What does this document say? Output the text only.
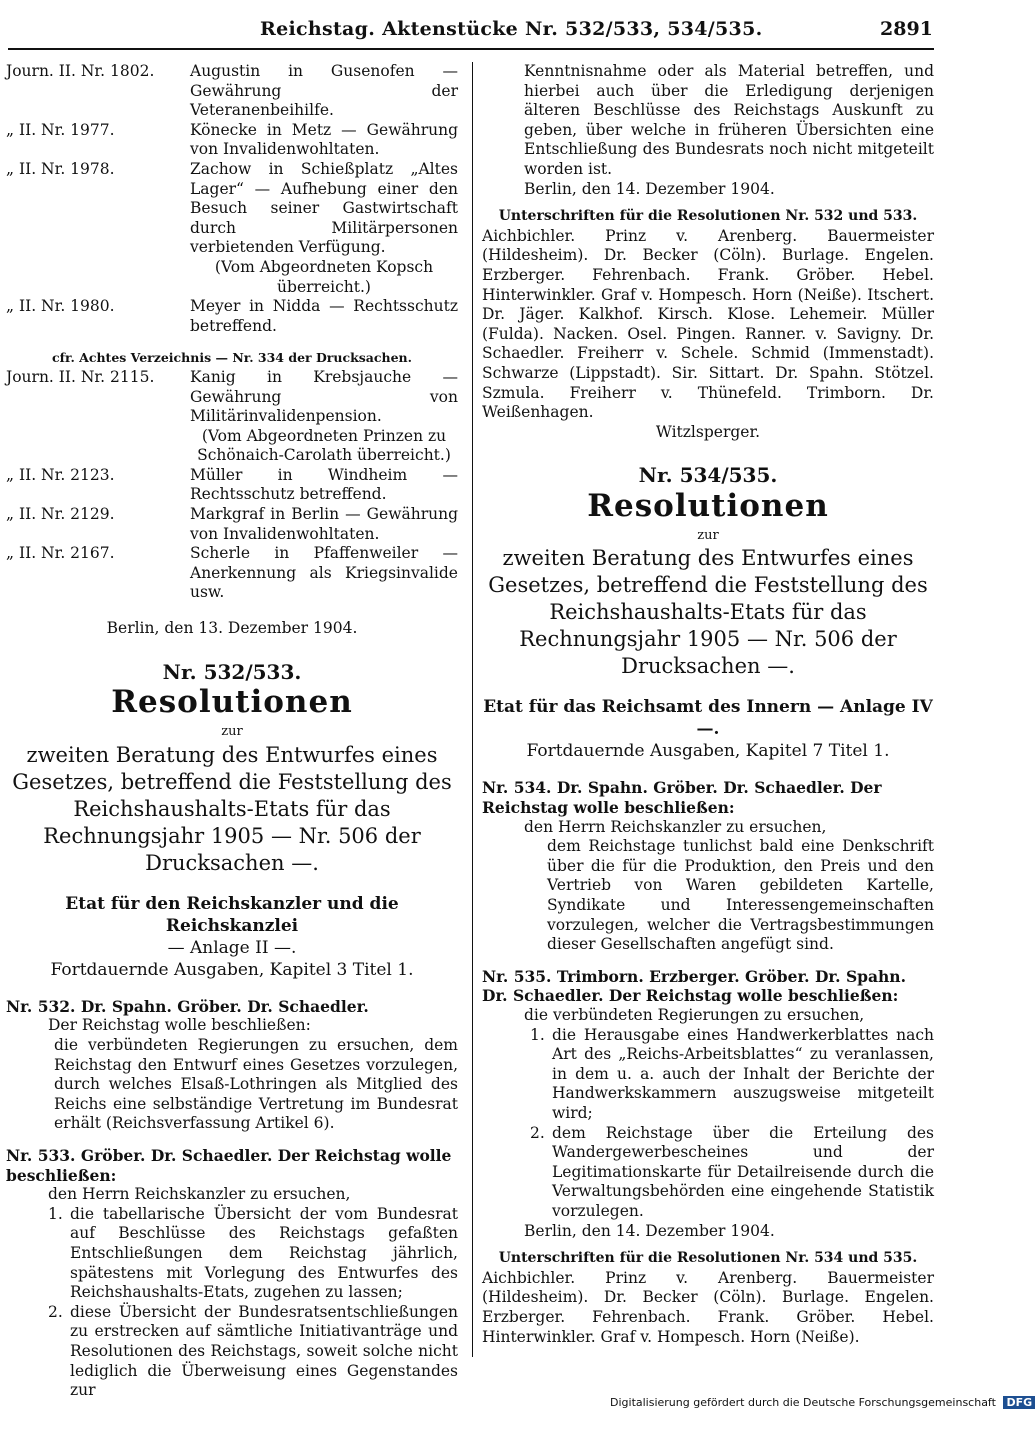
Reichstag. Aktenstücke Nr. 532/533, 534/535.	2891
Journ. II. Nr. 1802.	Augustin in Gusenofen — Gewährung der Veteranenbeihilfe.
„ II. Nr. 1977.	Könecke in Metz — Gewährung von Invalidenwohltaten.
„ II. Nr. 1978.	Zachow in Schießplatz „Altes Lager“ — Aufhebung einer den Besuch seiner Gastwirtschaft durch Militärpersonen verbietenden Verfügung.

(Vom Abgeordneten Kopsch überreicht.)

„ II. Nr. 1980.	Meyer in Nidda — Rechtsschutz betreffend.

cfr. Achtes Verzeichnis — Nr. 334 der Drucksachen.

Journ. II. Nr. 2115.	Kanig in Krebsjauche — Gewährung von Militärinvalidenpension.

(Vom Abgeordneten Prinzen zu Schönaich-Carolath überreicht.)

„ II. Nr. 2123.	Müller in Windheim — Rechtsschutz betreffend.
„ II. Nr. 2129.	Markgraf in Berlin — Gewährung von Invalidenwohltaten.
„ II. Nr. 2167.	Scherle in Pfaffenweiler — Anerkennung als Kriegsinvalide usw.

Berlin, den 13. Dezember 1904.

Nr. 532/533.

Resolutionen

zur

zweiten Beratung des Entwurfes eines Gesetzes, betreffend die Feststellung des Reichshaushalts-Etats für das Rechnungsjahr 1905 — Nr. 506 der Drucksachen —.

Etat für den Reichskanzler und die Reichskanzlei

— Anlage II —.

Fortdauernde Ausgaben, Kapitel 3 Titel 1.

Nr. 532. Dr. Spahn. Gröber. Dr. Schaedler.

Der Reichstag wolle beschließen:

die verbündeten Regierungen zu ersuchen, dem Reichstag den Entwurf eines Gesetzes vorzulegen, durch welches Elsaß-Lothringen als Mitglied des Reichs eine selbständige Vertretung im Bundesrat erhält (Reichsverfassung Artikel 6).

Nr. 533. Gröber. Dr. Schaedler. Der Reichstag wolle beschließen:

den Herrn Reichskanzler zu ersuchen,

1. die tabellarische Übersicht der vom Bundesrat auf Beschlüsse des Reichstags gefaßten Entschließungen dem Reichstag jährlich, spätestens mit Vorlegung des Entwurfes des Reichshaushalts-Etats, zugehen zu lassen;
2. diese Übersicht der Bundesratsentschließungen zu erstrecken auf sämtliche Initiativanträge und Resolutionen des Reichstags, soweit solche nicht lediglich die Überweisung eines Gegenstandes zur

Kenntnisnahme oder als Material betreffen, und hierbei auch über die Erledigung derjenigen älteren Beschlüsse des Reichstags Auskunft zu geben, über welche in früheren Übersichten eine Entschließung des Bundesrats noch nicht mitgeteilt worden ist.

Berlin, den 14. Dezember 1904.

Unterschriften für die Resolutionen Nr. 532 und 533.

Aichbichler. Prinz v. Arenberg. Bauermeister (Hildesheim). Dr. Becker (Cöln). Burlage. Engelen. Erzberger. Fehrenbach. Frank. Gröber. Hebel. Hinterwinkler. Graf v. Hompesch. Horn (Neiße). Itschert. Dr. Jäger. Kalkhof. Kirsch. Klose. Lehemeir. Müller (Fulda). Nacken. Osel. Pingen. Ranner. v. Savigny. Dr. Schaedler. Freiherr v. Schele. Schmid (Immenstadt). Schwarze (Lippstadt). Sir. Sittart. Dr. Spahn. Stötzel. Szmula. Freiherr v. Thünefeld. Trimborn. Dr. Weißenhagen.

Witzlsperger.

Nr. 534/535.

Resolutionen

zur

zweiten Beratung des Entwurfes eines Gesetzes, betreffend die Feststellung des Reichshaushalts-Etats für das Rechnungsjahr 1905 — Nr. 506 der Drucksachen —.

Etat für das Reichsamt des Innern — Anlage IV —.

Fortdauernde Ausgaben, Kapitel 7 Titel 1.

Nr. 534. Dr. Spahn. Gröber. Dr. Schaedler. Der Reichstag wolle beschließen:

den Herrn Reichskanzler zu ersuchen,

dem Reichstage tunlichst bald eine Denkschrift über die für die Produktion, den Preis und den Vertrieb von Waren gebildeten Kartelle, Syndikate und Interessengemeinschaften vorzulegen, welcher die Vertragsbestimmungen dieser Gesellschaften angefügt sind.

Nr. 535. Trimborn. Erzberger. Gröber. Dr. Spahn. Dr. Schaedler. Der Reichstag wolle beschließen:

die verbündeten Regierungen zu ersuchen,

1. die Herausgabe eines Handwerkerblattes nach Art des „Reichs-Arbeitsblattes“ zu veranlassen, in dem u. a. auch der Inhalt der Berichte der Handwerkskammern auszugsweise mitgeteilt wird;
2. dem Reichstage über die Erteilung des Wandergewerbescheines und der Legitimationskarte für Detailreisende durch die Verwaltungsbehörden eine eingehende Statistik vorzulegen.

Berlin, den 14. Dezember 1904.

Unterschriften für die Resolutionen Nr. 534 und 535.

Aichbichler. Prinz v. Arenberg. Bauermeister (Hildesheim). Dr. Becker (Cöln). Burlage. Engelen. Erzberger. Fehrenbach. Frank. Gröber. Hebel. Hinterwinkler. Graf v. Hompesch. Horn (Neiße).

Digitalisierung gefördert durch die Deutsche Forschungsgemeinschaft DFG
